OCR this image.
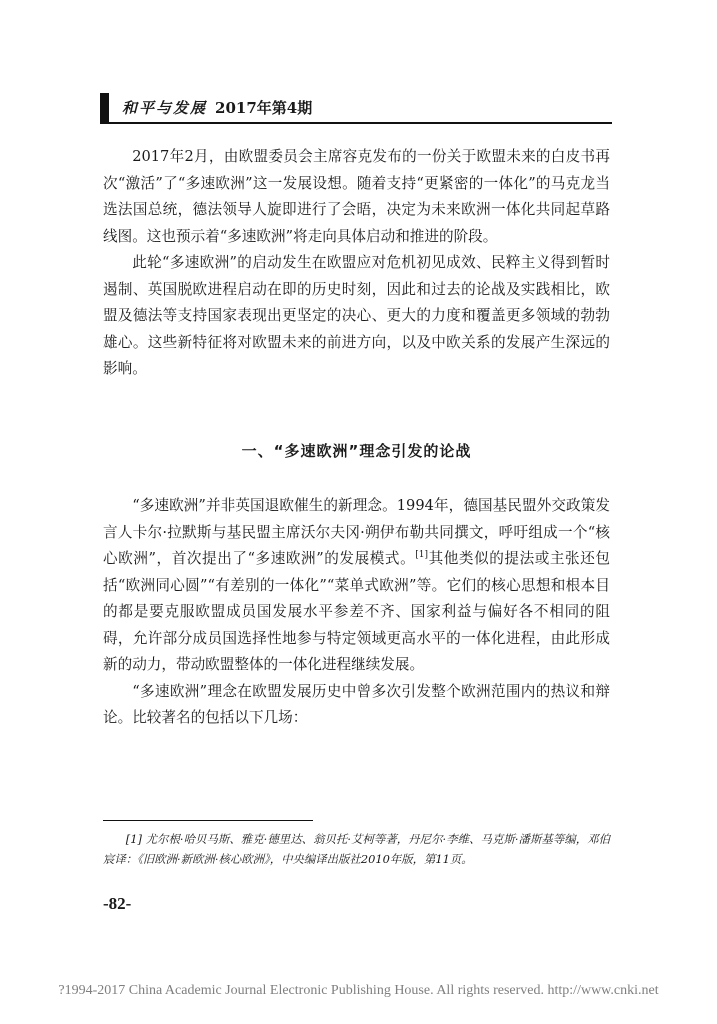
和平与发展 2017年第4期

2017年2月，由欧盟委员会主席容克发布的一份关于欧盟未来的白皮书再次“激活”了“多速欧洲”这一发展设想。随着支持“更紧密的一体化”的马克龙当选法国总统，德法领导人旋即进行了会晤，决定为未来欧洲一体化共同起草路线图。这也预示着“多速欧洲”将走向具体启动和推进的阶段。

此轮“多速欧洲”的启动发生在欧盟应对危机初见成效、民粹主义得到暂时遏制、英国脱欧进程启动在即的历史时刻，因此和过去的论战及实践相比，欧盟及德法等支持国家表现出更坚定的决心、更大的力度和覆盖更多领域的勃勃雄心。这些新特征将对欧盟未来的前进方向，以及中欧关系的发展产生深远的影响。

一、“多速欧洲”理念引发的论战

“多速欧洲”并非英国退欧催生的新理念。1994年，德国基民盟外交政策发言人卡尔·拉默斯与基民盟主席沃尔夫冈·朔伊布勒共同撰文，呼吁组成一个“核心欧洲”，首次提出了“多速欧洲”的发展模式。[1]其他类似的提法或主张还包括“欧洲同心圆”“有差别的一体化”“菜单式欧洲”等。它们的核心思想和根本目的都是要克服欧盟成员国发展水平参差不齐、国家利益与偏好各不相同的阻碍，允许部分成员国选择性地参与特定领域更高水平的一体化进程，由此形成新的动力，带动欧盟整体的一体化进程继续发展。

“多速欧洲”理念在欧盟发展历史中曾多次引发整个欧洲范围内的热议和辩论。比较著名的包括以下几场：

[1] 尤尔根·哈贝马斯、雅克·德里达、翁贝托·艾柯等著，丹尼尔·李维、马克斯·潘斯基等编，邓伯宸译：《旧欧洲·新欧洲·核心欧洲》，中央编译出版社2010年版，第11页。
-82-
?1994-2017 China Academic Journal Electronic Publishing House. All rights reserved. http://www.cnki.net
